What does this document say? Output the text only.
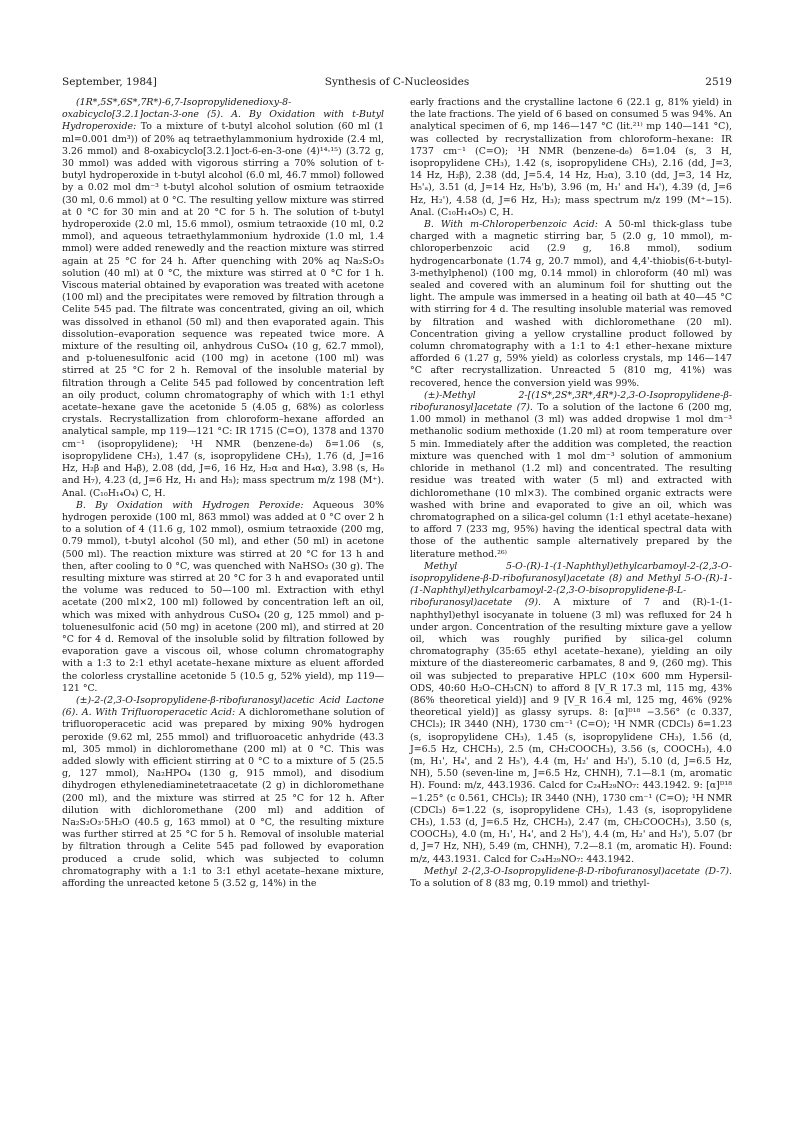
September, 1984]	Synthesis of C-Nucleosides	2519

(1R*,5S*,6S*,7R*)-6,7-Isopropylidenedioxy-8-oxabicyclo[3.2.1]octan-3-one (5). A. By Oxidation with t-Butyl Hydroperoxide: To a mixture of t-butyl alcohol solution (60 ml (1 ml=0.001 dm³)) of 20% aq tetraethylammonium hydroxide (2.4 ml, 3.26 mmol) and 8-oxabicyclo[3.2.1]oct-6-en-3-one (4)¹⁴·¹⁵) (3.72 g, 30 mmol) was added with vigorous stirring a 70% solution of t-butyl hydroperoxide in t-butyl alcohol (6.0 ml, 46.7 mmol) followed by a 0.02 mol dm⁻³ t-butyl alcohol solution of osmium tetraoxide (30 ml, 0.6 mmol) at 0 °C. The resulting yellow mixture was stirred at 0 °C for 30 min and at 20 °C for 5 h. The solution of t-butyl hydroperoxide (2.0 ml, 15.6 mmol), osmium tetraoxide (10 ml, 0.2 mmol), and aqueous tetraethylammonium hydroxide (1.0 ml, 1.4 mmol) were added renewedly and the reaction mixture was stirred again at 25 °C for 24 h. After quenching with 20% aq Na₂S₂O₃ solution (40 ml) at 0 °C, the mixture was stirred at 0 °C for 1 h. Viscous material obtained by evaporation was treated with acetone (100 ml) and the precipitates were removed by filtration through a Celite 545 pad. The filtrate was concentrated, giving an oil, which was dissolved in ethanol (50 ml) and then evaporated again. This dissolution–evaporation sequence was repeated twice more. A mixture of the resulting oil, anhydrous CuSO₄ (10 g, 62.7 mmol), and p-toluenesulfonic acid (100 mg) in acetone (100 ml) was stirred at 25 °C for 2 h. Removal of the insoluble material by filtration through a Celite 545 pad followed by concentration left an oily product, column chromatography of which with 1:1 ethyl acetate–hexane gave the acetonide 5 (4.05 g, 68%) as colorless crystals. Recrystallization from chloroform–hexane afforded an analytical sample, mp 119—121 °C: IR 1715 (C=O), 1378 and 1370 cm⁻¹ (isopropylidene); ¹H NMR (benzene-d₆) δ=1.06 (s, isopropylidene CH₃), 1.47 (s, isopropylidene CH₃), 1.76 (d, J=16 Hz, H₂β and H₄β), 2.08 (dd, J=6, 16 Hz, H₂α and H₄α), 3.98 (s, H₆ and H₇), 4.23 (d, J=6 Hz, H₁ and H₅); mass spectrum m/z 198 (M⁺). Anal. (C₁₀H₁₄O₄) C, H.

B. By Oxidation with Hydrogen Peroxide: Aqueous 30% hydrogen peroxide (100 ml, 863 mmol) was added at 0 °C over 2 h to a solution of 4 (11.6 g, 102 mmol), osmium tetraoxide (200 mg, 0.79 mmol), t-butyl alcohol (50 ml), and ether (50 ml) in acetone (500 ml). The reaction mixture was stirred at 20 °C for 13 h and then, after cooling to 0 °C, was quenched with NaHSO₃ (30 g). The resulting mixture was stirred at 20 °C for 3 h and evaporated until the volume was reduced to 50—100 ml. Extraction with ethyl acetate (200 ml×2, 100 ml) followed by concentration left an oil, which was mixed with anhydrous CuSO₄ (20 g, 125 mmol) and p-toluenesulfonic acid (50 mg) in acetone (200 ml), and stirred at 20 °C for 4 d. Removal of the insoluble solid by filtration followed by evaporation gave a viscous oil, whose column chromatography with a 1:3 to 2:1 ethyl acetate–hexane mixture as eluent afforded the colorless crystalline acetonide 5 (10.5 g, 52% yield), mp 119—121 °C.

(±)-2-(2,3-O-Isopropylidene-β-ribofuranosyl)acetic Acid Lactone (6). A. With Trifluoroperacetic Acid: A dichloromethane solution of trifluoroperacetic acid was prepared by mixing 90% hydrogen peroxide (9.62 ml, 255 mmol) and trifluoroacetic anhydride (43.3 ml, 305 mmol) in dichloromethane (200 ml) at 0 °C. This was added slowly with efficient stirring at 0 °C to a mixture of 5 (25.5 g, 127 mmol), Na₂HPO₄ (130 g, 915 mmol), and disodium dihydrogen ethylenediaminetetraacetate (2 g) in dichloromethane (200 ml), and the mixture was stirred at 25 °C for 12 h. After dilution with dichloromethane (200 ml) and addition of Na₂S₂O₃·5H₂O (40.5 g, 163 mmol) at 0 °C, the resulting mixture was further stirred at 25 °C for 5 h. Removal of insoluble material by filtration through a Celite 545 pad followed by evaporation produced a crude solid, which was subjected to column chromatography with a 1:1 to 3:1 ethyl acetate–hexane mixture, affording the unreacted ketone 5 (3.52 g, 14%) in the

early fractions and the crystalline lactone 6 (22.1 g, 81% yield) in the late fractions. The yield of 6 based on consumed 5 was 94%. An analytical specimen of 6, mp 146—147 °C (lit.²¹⁾ mp 140—141 °C), was collected by recrystallization from chloroform–hexane: IR 1737 cm⁻¹ (C=O); ¹H NMR (benzene-d₆) δ=1.04 (s, 3 H, isopropylidene CH₃), 1.42 (s, isopropylidene CH₃), 2.16 (dd, J=3, 14 Hz, H₂β), 2.38 (dd, J=5.4, 14 Hz, H₂α), 3.10 (dd, J=3, 14 Hz, H₅'ₐ), 3.51 (d, J=14 Hz, H₅'b), 3.96 (m, H₁' and H₄'), 4.39 (d, J=6 Hz, H₂'), 4.58 (d, J=6 Hz, H₃); mass spectrum m/z 199 (M⁺−15). Anal. (C₁₀H₁₄O₅) C, H.

B. With m-Chloroperbenzoic Acid: A 50-ml thick-glass tube charged with a magnetic stirring bar, 5 (2.0 g, 10 mmol), m-chloroperbenzoic acid (2.9 g, 16.8 mmol), sodium hydrogencarbonate (1.74 g, 20.7 mmol), and 4,4'-thiobis(6-t-butyl-3-methylphenol) (100 mg, 0.14 mmol) in chloroform (40 ml) was sealed and covered with an aluminum foil for shutting out the light. The ampule was immersed in a heating oil bath at 40—45 °C with stirring for 4 d. The resulting insoluble material was removed by filtration and washed with dichloromethane (20 ml). Concentration giving a yellow crystalline product followed by column chromatography with a 1:1 to 4:1 ether–hexane mixture afforded 6 (1.27 g, 59% yield) as colorless crystals, mp 146—147 °C after recrystallization. Unreacted 5 (810 mg, 41%) was recovered, hence the conversion yield was 99%.

(±)-Methyl 2-[(1S*,2S*,3R*,4R*)-2,3-O-Isopropylidene-β-ribofuranosyl]acetate (7). To a solution of the lactone 6 (200 mg, 1.00 mmol) in methanol (3 ml) was added dropwise 1 mol dm⁻³ methanolic sodium methoxide (1.20 ml) at room temperature over 5 min. Immediately after the addition was completed, the reaction mixture was quenched with 1 mol dm⁻³ solution of ammonium chloride in methanol (1.2 ml) and concentrated. The resulting residue was treated with water (5 ml) and extracted with dichloromethane (10 ml×3). The combined organic extracts were washed with brine and evaporated to give an oil, which was chromatographed on a silica-gel column (1:1 ethyl acetate–hexane) to afford 7 (233 mg, 95%) having the identical spectral data with those of the authentic sample alternatively prepared by the literature method.²⁶⁾

Methyl 5-O-(R)-1-(1-Naphthyl)ethylcarbamoyl-2-(2,3-O-isopropylidene-β-D-ribofuranosyl)acetate (8) and Methyl 5-O-(R)-1-(1-Naphthyl)ethylcarbamoyl-2-(2,3-O-bisopropylidene-β-L-ribofuranosyl)acetate (9). A mixture of 7 and (R)-1-(1-naphthyl)ethyl isocyanate in toluene (3 ml) was refluxed for 24 h under argon. Concentration of the resulting mixture gave a yellow oil, which was roughly purified by silica-gel column chromatography (35:65 ethyl acetate–hexane), yielding an oily mixture of the diastereomeric carbamates, 8 and 9, (260 mg). This oil was subjected to preparative HPLC (10× 600 mm Hypersil-ODS, 40:60 H₂O–CH₃CN) to afford 8 [V_R 17.3 ml, 115 mg, 43% (86% theoretical yield)] and 9 [V_R 16.4 ml, 125 mg, 46% (92% theoretical yield)] as glassy syrups. 8: [α]ᴰ¹⁸ −3.56° (c 0.337, CHCl₃); IR 3440 (NH), 1730 cm⁻¹ (C=O); ¹H NMR (CDCl₃) δ=1.23 (s, isopropylidene CH₃), 1.45 (s, isopropylidene CH₃), 1.56 (d, J=6.5 Hz, CHCH₃), 2.5 (m, CH₂COOCH₃), 3.56 (s, COOCH₃), 4.0 (m, H₁', H₄', and 2 H₅'), 4.4 (m, H₂' and H₃'), 5.10 (d, J=6.5 Hz, NH), 5.50 (seven-line m, J=6.5 Hz, CHNH), 7.1—8.1 (m, aromatic H). Found: m/z, 443.1936. Calcd for C₂₄H₂₉NO₇: 443.1942. 9: [α]ᴰ¹⁸ −1.25° (c 0.561, CHCl₃); IR 3440 (NH), 1730 cm⁻¹ (C=O); ¹H NMR (CDCl₃) δ=1.22 (s, isopropylidene CH₃), 1.43 (s, isopropylidene CH₃), 1.53 (d, J=6.5 Hz, CHCH₃), 2.47 (m, CH₂COOCH₃), 3.50 (s, COOCH₃), 4.0 (m, H₁', H₄', and 2 H₅'), 4.4 (m, H₂' and H₃'), 5.07 (br d, J=7 Hz, NH), 5.49 (m, CHNH), 7.2—8.1 (m, aromatic H). Found: m/z, 443.1931. Calcd for C₂₄H₂₉NO₇: 443.1942.

Methyl 2-(2,3-O-Isopropylidene-β-D-ribofuranosyl)acetate (D-7). To a solution of 8 (83 mg, 0.19 mmol) and triethyl-
